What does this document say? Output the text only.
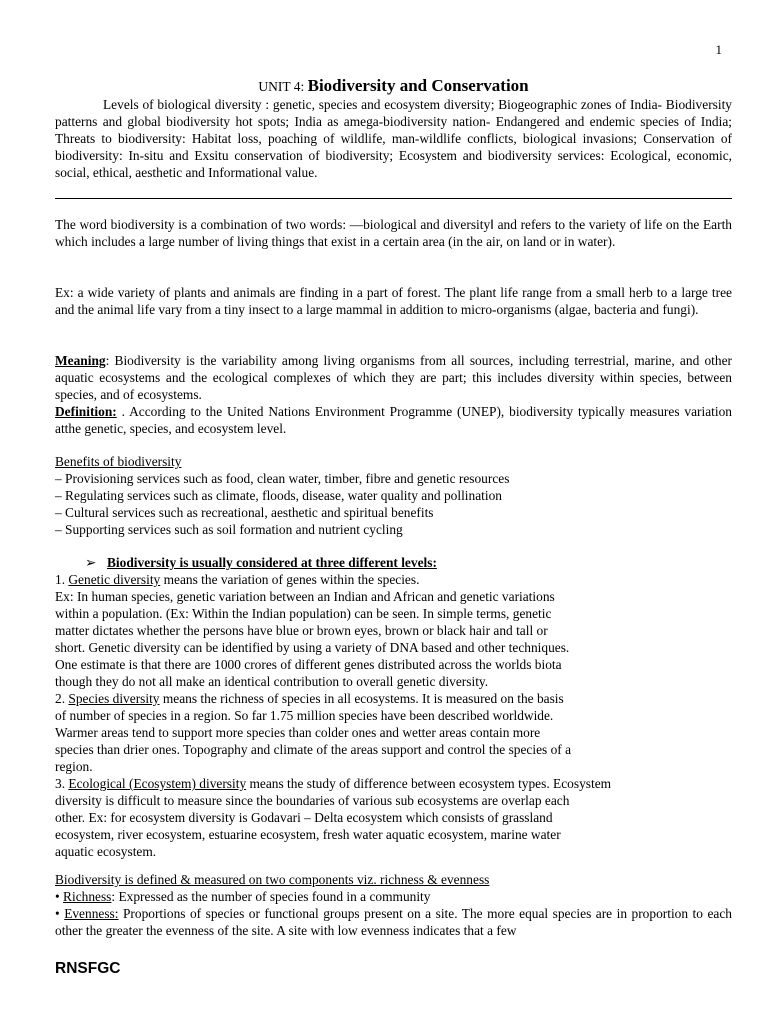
1
UNIT 4: Biodiversity and Conservation

Levels of biological diversity : genetic, species and ecosystem diversity; Biogeographic zones of India- Biodiversity patterns and global biodiversity hot spots; India as amega-biodiversity nation- Endangered and endemic species of India; Threats to biodiversity: Habitat loss, poaching of wildlife, man-wildlife conflicts, biological invasions; Conservation of biodiversity: In-situ and Exsitu conservation of biodiversity; Ecosystem and biodiversity services: Ecological, economic, social, ethical, aesthetic and Informational value.

The word biodiversity is a combination of two words: ―biological and diversity‖ and refers to the variety of life on the Earth which includes a large number of living things that exist in a certain area (in the air, on land or in water).

Ex: a wide variety of plants and animals are finding in a part of forest. The plant life range from a small herb to a large tree and the animal life vary from a tiny insect to a large mammal in addition to micro-organisms (algae, bacteria and fungi).

Meaning: Biodiversity is the variability among living organisms from all sources, including terrestrial, marine, and other aquatic ecosystems and the ecological complexes of which they are part; this includes diversity within species, between species, and of ecosystems.

Definition: . According to the United Nations Environment Programme (UNEP), biodiversity typically measures variation atthe genetic, species, and ecosystem level.

Benefits of biodiversity

– Provisioning services such as food, clean water, timber, fibre and genetic resources

– Regulating services such as climate, floods, disease, water quality and pollination

– Cultural services such as recreational, aesthetic and spiritual benefits

– Supporting services such as soil formation and nutrient cycling

➢ Biodiversity is usually considered at three different levels:

1. Genetic diversity means the variation of genes within the species.

Ex: In human species, genetic variation between an Indian and African and genetic variations

within a population. (Ex: Within the Indian population) can be seen. In simple terms, genetic

matter dictates whether the persons have blue or brown eyes, brown or black hair and tall or

short. Genetic diversity can be identified by using a variety of DNA based and other techniques.

One estimate is that there are 1000 crores of different genes distributed across the worlds biota

though they do not all make an identical contribution to overall genetic diversity.

2. Species diversity means the richness of species in all ecosystems. It is measured on the basis

of number of species in a region. So far 1.75 million species have been described worldwide.

Warmer areas tend to support more species than colder ones and wetter areas contain more

species than drier ones. Topography and climate of the areas support and control the species of a

region.

3. Ecological (Ecosystem) diversity means the study of difference between ecosystem types. Ecosystem

diversity is difficult to measure since the boundaries of various sub ecosystems are overlap each

other. Ex: for ecosystem diversity is Godavari – Delta ecosystem which consists of grassland

ecosystem, river ecosystem, estuarine ecosystem, fresh water aquatic ecosystem, marine water

aquatic ecosystem.

Biodiversity is defined & measured on two components viz. richness & evenness

• Richness: Expressed as the number of species found in a community

• Evenness: Proportions of species or functional groups present on a site. The more equal species are in proportion to each other the greater the evenness of the site. A site with low evenness indicates that a few

RNSFGC
